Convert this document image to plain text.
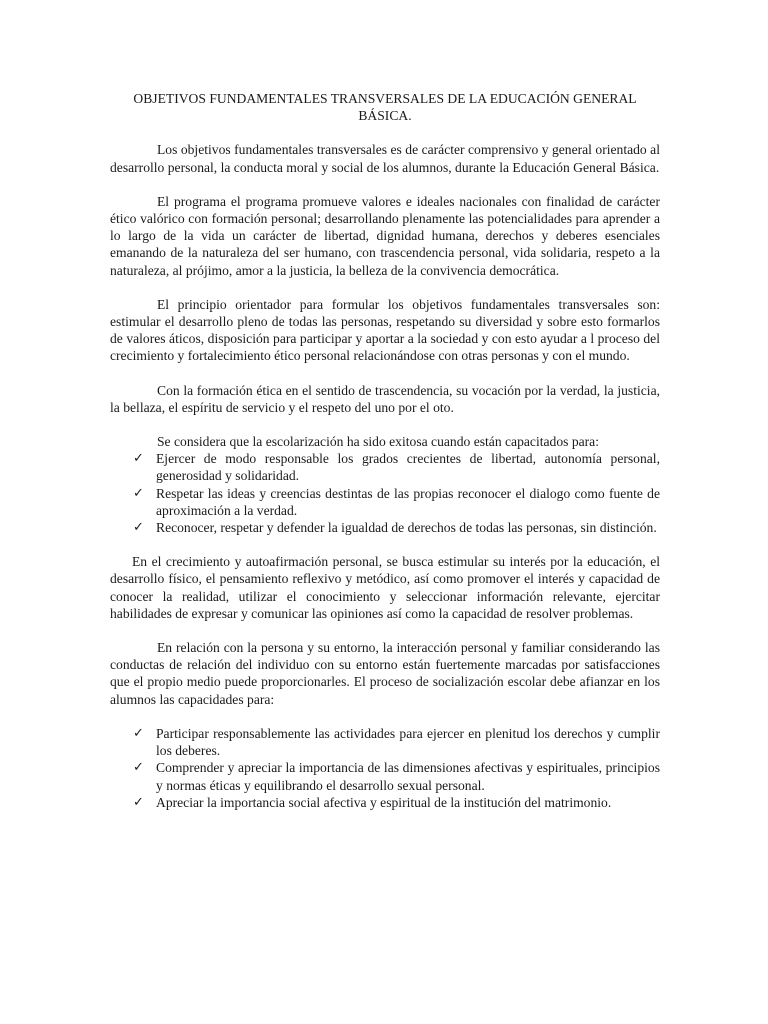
OBJETIVOS FUNDAMENTALES TRANSVERSALES DE LA EDUCACIÓN GENERAL
BÁSICA.

Los objetivos fundamentales transversales es de carácter comprensivo y general orientado al desarrollo personal, la conducta moral y social de los alumnos, durante la Educación General Básica.

El programa el programa promueve valores e ideales nacionales con finalidad de carácter ético valórico con formación personal; desarrollando plenamente las potencialidades para aprender a lo largo de la vida un carácter de libertad, dignidad humana, derechos y deberes esenciales emanando de la naturaleza del ser humano, con trascendencia personal, vida solidaria, respeto a la naturaleza, al prójimo, amor a la justicia, la belleza de la convivencia democrática.

El principio orientador para formular los objetivos fundamentales transversales son: estimular el desarrollo pleno de todas las personas, respetando su diversidad y sobre esto formarlos de valores áticos, disposición para participar y aportar a la sociedad y con esto ayudar a l proceso del crecimiento y fortalecimiento ético personal relacionándose con otras personas y con el mundo.

Con la formación ética en el sentido de trascendencia, su vocación por la verdad, la justicia, la bellaza, el espíritu de servicio y el respeto del uno por el oto.

Se considera que la escolarización ha sido exitosa cuando están capacitados para:

✓ Ejercer de modo responsable los grados crecientes de libertad, autonomía personal, generosidad y solidaridad.
✓ Respetar las ideas y creencias destintas de las propias reconocer el dialogo como fuente de aproximación a la verdad.
✓ Reconocer, respetar y defender la igualdad de derechos de todas las personas, sin distinción.

En el crecimiento y autoafirmación personal, se busca estimular su interés por la educación, el desarrollo físico, el pensamiento reflexivo y metódico, así como promover el interés y capacidad de conocer la realidad, utilizar el conocimiento y seleccionar información relevante, ejercitar habilidades de expresar y comunicar las opiniones así como la capacidad de resolver problemas.

En relación con la persona y su entorno, la interacción personal y familiar considerando las conductas de relación del individuo con su entorno están fuertemente marcadas por satisfacciones que el propio medio puede proporcionarles. El proceso de socialización escolar debe afianzar en los alumnos las capacidades para:

✓ Participar responsablemente las actividades para ejercer en plenitud los derechos y cumplir los deberes.
✓ Comprender y apreciar la importancia de las dimensiones afectivas y espirituales, principios y normas éticas y equilibrando el desarrollo sexual personal.
✓ Apreciar la importancia social afectiva y espiritual de la institución del matrimonio.
